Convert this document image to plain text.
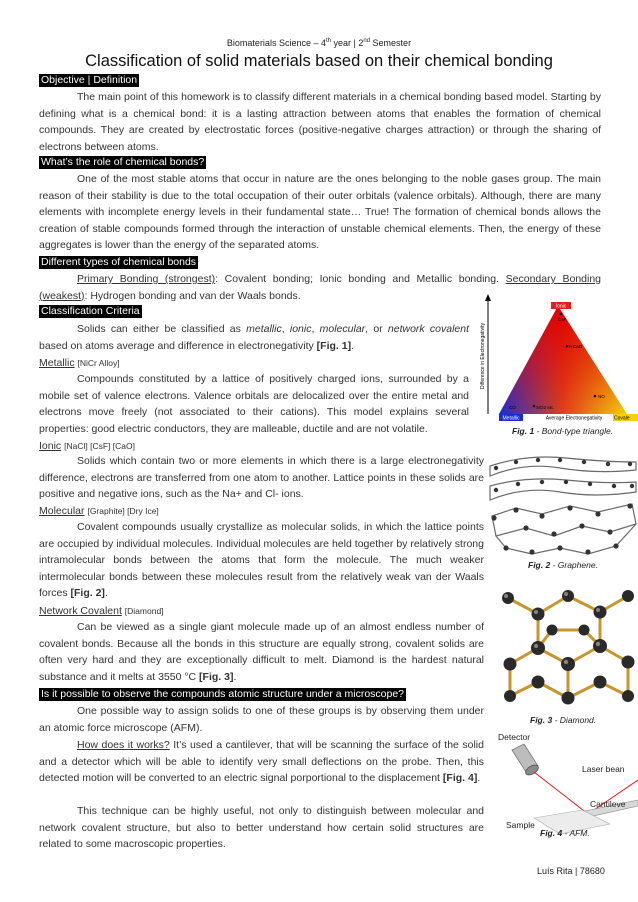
Biomaterials Science – 4th year | 2nd Semester
Classification of solid materials based on their chemical bonding
Objective | Definition
The main point of this homework is to classify different materials in a chemical bonding based model. Starting by defining what is a chemical bond: it is a lasting attraction between atoms that enables the formation of chemical compounds. They are created by electrostatic forces (positive-negative charges attraction) or through the sharing of electrons between atoms.
What’s the role of chemical bonds?
One of the most stable atoms that occur in nature are the ones belonging to the noble gases group. The main reason of their stability is due to the total occupation of their outer orbitals (valence orbitals). Although, there are many elements with incomplete energy levels in their fundamental state… True! The formation of chemical bonds allows the creation of stable compounds formed through the interaction of unstable chemical elements. Then, the energy of these aggregates is lower than the energy of the separated atoms.
Different types of chemical bonds
Primary Bonding (strongest): Covalent bonding; Ionic bonding and Metallic bonding. Secondary Bonding (weakest): Hydrogen bonding and van der Waals bonds.
Classification Criteria
Solids can either be classified as metallic, ionic, molecular, or network covalent based on atoms average and difference in electronegativity [Fig. 1].
Metallic [NiCr Alloy]
Compounds constituted by a lattice of positively charged ions, surrounded by a mobile set of valence electrons. Valence orbitals are delocalized over the entire metal and electrons move freely (not associated to their cations). This model explains several properties: good electric conductors, they are malleable, ductile and are not volatile.
Ionic [NaCl] [CsF] [CaO]
Solids which contain two or more elements in which there is a large electronegativity difference, electrons are transferred from one atom to another. Lattice points in these solids are positive and negative ions, such as the Na+ and Cl- ions.
Molecular [Graphite] [Dry Ice]
Covalent compounds usually crystallize as molecular solids, in which the lattice points are occupied by individual molecules. Individual molecules are held together by relatively strong intramolecular bonds between the atoms that form the molecule. The much weaker intermolecular bonds between these molecules result from the relatively weak van der Waals forces [Fig. 2].
Network Covalent [Diamond]
Can be viewed as a single giant molecule made up of an almost endless number of covalent bonds. Because all the bonds in this structure are equally strong, covalent solids are often very hard and they are exceptionally difficult to melt. Diamond is the hardest natural substance and it melts at 3550 °C [Fig. 3].
Is it possible to observe the compounds atomic structure under a microscope?
One possible way to assign solids to one of these groups is by observing them under an atomic force microscope (AFM).
How does it works? It’s used a cantilever, that will be scanning the surface of the solid and a detector which will be able to identify very small deflections on the probe. Then, this detected motion will be converted to an electric signal porportional to the displacement [Fig. 4].
This technique can be highly useful, not only to distinguish between molecular and network covalent structure, but also to better understand how certain solid structures are related to some macroscopic properties.
Difference in Electronegativity
Ionic
Metallic	Covale
Average Electronegativity
CsF
n-CaO
NO
CO	SiO2 etc.
Fig. 1 - Bond-type triangle.
Fig. 2 - Graphene.
Fig. 3 - Diamond.
Detector
Laser bean
Cantileve
Sample
Fig. 4 - AFM.
Luís Rita | 78680
